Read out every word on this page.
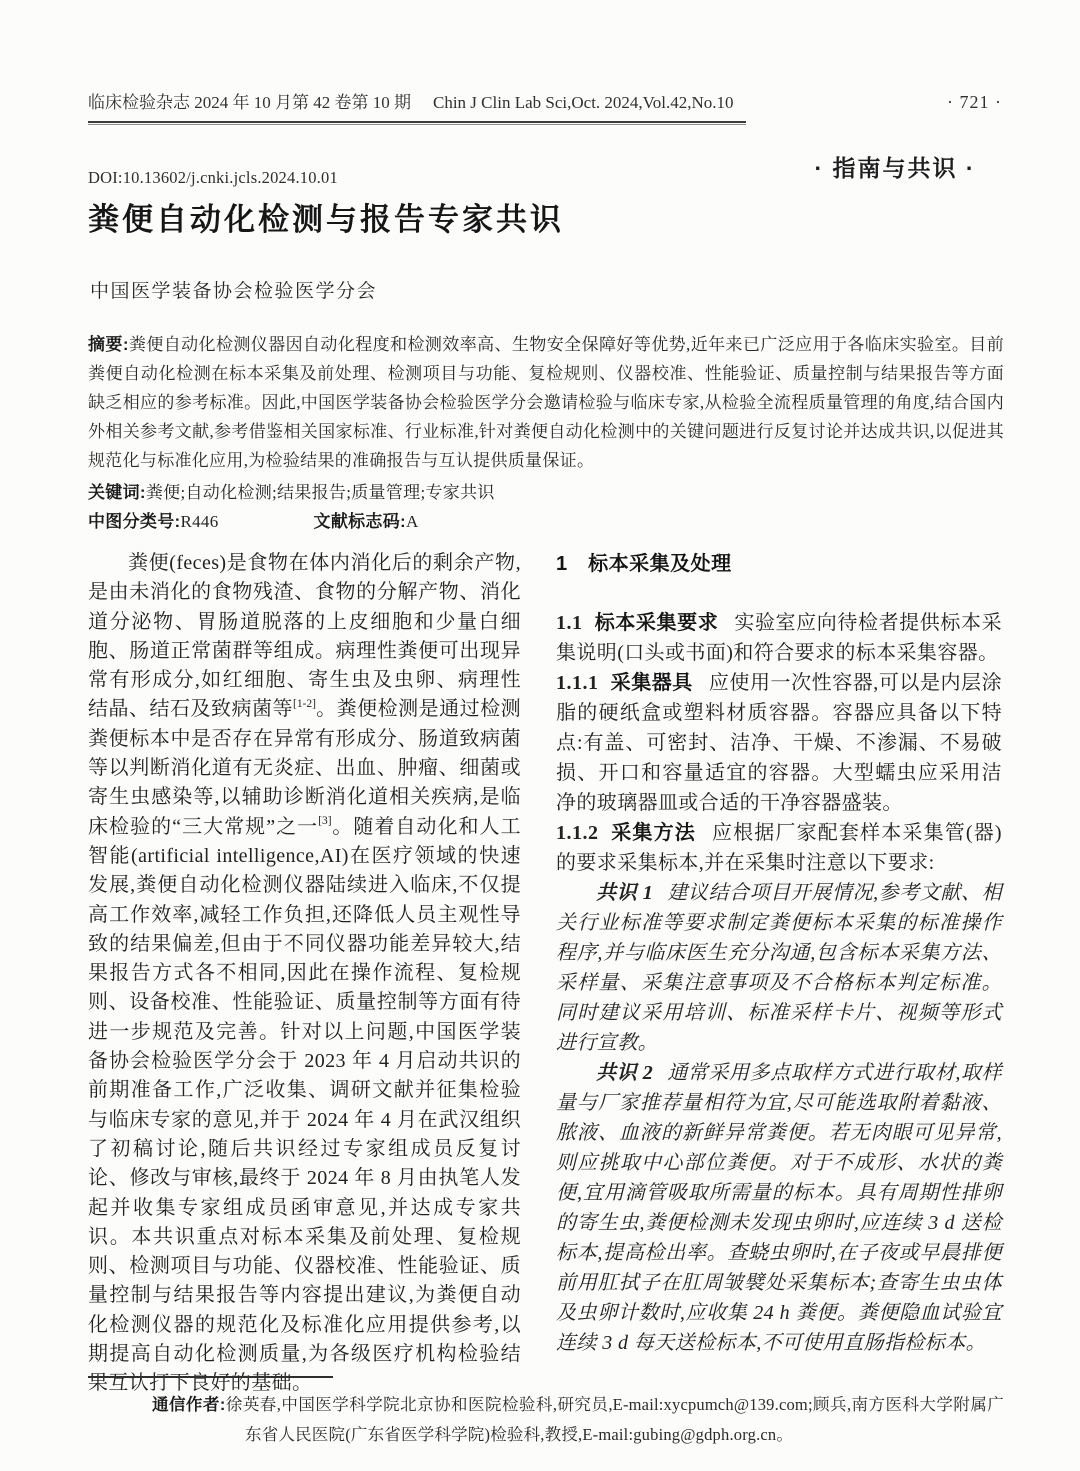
临床检验杂志 2024 年 10 月第 42 卷第 10 期 Chin J Clin Lab Sci,Oct. 2024,Vol.42,No.10	· 721 ·
DOI:10.13602/j.cnki.jcls.2024.10.01	· 指南与共识 ·
粪便自动化检测与报告专家共识
中国医学装备协会检验医学分会

摘要:粪便自动化检测仪器因自动化程度和检测效率高、生物安全保障好等优势,近年来已广泛应用于各临床实验室。目前粪便自动化检测在标本采集及前处理、检测项目与功能、复检规则、仪器校准、性能验证、质量控制与结果报告等方面缺乏相应的参考标准。因此,中国医学装备协会检验医学分会邀请检验与临床专家,从检验全流程质量管理的角度,结合国内外相关参考文献,参考借鉴相关国家标准、行业标准,针对粪便自动化检测中的关键问题进行反复讨论并达成共识,以促进其规范化与标准化应用,为检验结果的准确报告与互认提供质量保证。

关键词:粪便;自动化检测;结果报告;质量管理;专家共识

中图分类号:R446	文献标志码:A

粪便(feces)是食物在体内消化后的剩余产物,是由未消化的食物残渣、食物的分解产物、消化道分泌物、胃肠道脱落的上皮细胞和少量白细胞、肠道正常菌群等组成。病理性粪便可出现异常有形成分,如红细胞、寄生虫及虫卵、病理性结晶、结石及致病菌等[1-2]。粪便检测是通过检测粪便标本中是否存在异常有形成分、肠道致病菌等以判断消化道有无炎症、出血、肿瘤、细菌或寄生虫感染等,以辅助诊断消化道相关疾病,是临床检验的“三大常规”之一[3]。随着自动化和人工智能(artificial intelligence,AI)在医疗领域的快速发展,粪便自动化检测仪器陆续进入临床,不仅提高工作效率,减轻工作负担,还降低人员主观性导致的结果偏差,但由于不同仪器功能差异较大,结果报告方式各不相同,因此在操作流程、复检规则、设备校准、性能验证、质量控制等方面有待进一步规范及完善。针对以上问题,中国医学装备协会检验医学分会于 2023 年 4 月启动共识的前期准备工作,广泛收集、调研文献并征集检验与临床专家的意见,并于 2024 年 4 月在武汉组织了初稿讨论,随后共识经过专家组成员反复讨论、修改与审核,最终于 2024 年 8 月由执笔人发起并收集专家组成员函审意见,并达成专家共识。本共识重点对标本采集及前处理、复检规则、检测项目与功能、仪器校准、性能验证、质量控制与结果报告等内容提出建议,为粪便自动化检测仪器的规范化及标准化应用提供参考,以期提高自动化检测质量,为各级医疗机构检验结果互认打下良好的基础。

1　标本采集及处理

1.1 标本采集要求 实验室应向待检者提供标本采集说明(口头或书面)和符合要求的标本采集容器。

1.1.1 采集器具 应使用一次性容器,可以是内层涂脂的硬纸盒或塑料材质容器。容器应具备以下特点:有盖、可密封、洁净、干燥、不渗漏、不易破损、开口和容量适宜的容器。大型蠕虫应采用洁净的玻璃器皿或合适的干净容器盛装。

1.1.2 采集方法 应根据厂家配套样本采集管(器)的要求采集标本,并在采集时注意以下要求:

共识 1 建议结合项目开展情况,参考文献、相关行业标准等要求制定粪便标本采集的标准操作程序,并与临床医生充分沟通,包含标本采集方法、采样量、采集注意事项及不合格标本判定标准。同时建议采用培训、标准采样卡片、视频等形式进行宣教。

共识 2 通常采用多点取样方式进行取材,取样量与厂家推荐量相符为宜,尽可能选取附着黏液、脓液、血液的新鲜异常粪便。若无肉眼可见异常,则应挑取中心部位粪便。对于不成形、水状的粪便,宜用滴管吸取所需量的标本。具有周期性排卵的寄生虫,粪便检测未发现虫卵时,应连续 3 d 送检标本,提高检出率。查蛲虫卵时,在子夜或早晨排便前用肛拭子在肛周皱襞处采集标本;查寄生虫虫体及虫卵计数时,应收集 24 h 粪便。粪便隐血试验宜连续 3 d 每天送检标本,不可使用直肠指检标本。

通信作者:徐英春,中国医学科学院北京协和医院检验科,研究员,E-mail:xycpumch@139.com;顾兵,南方医科大学附属广东省人民医院(广东省医学科学院)检验科,教授,E-mail:gubing@gdph.org.cn。
